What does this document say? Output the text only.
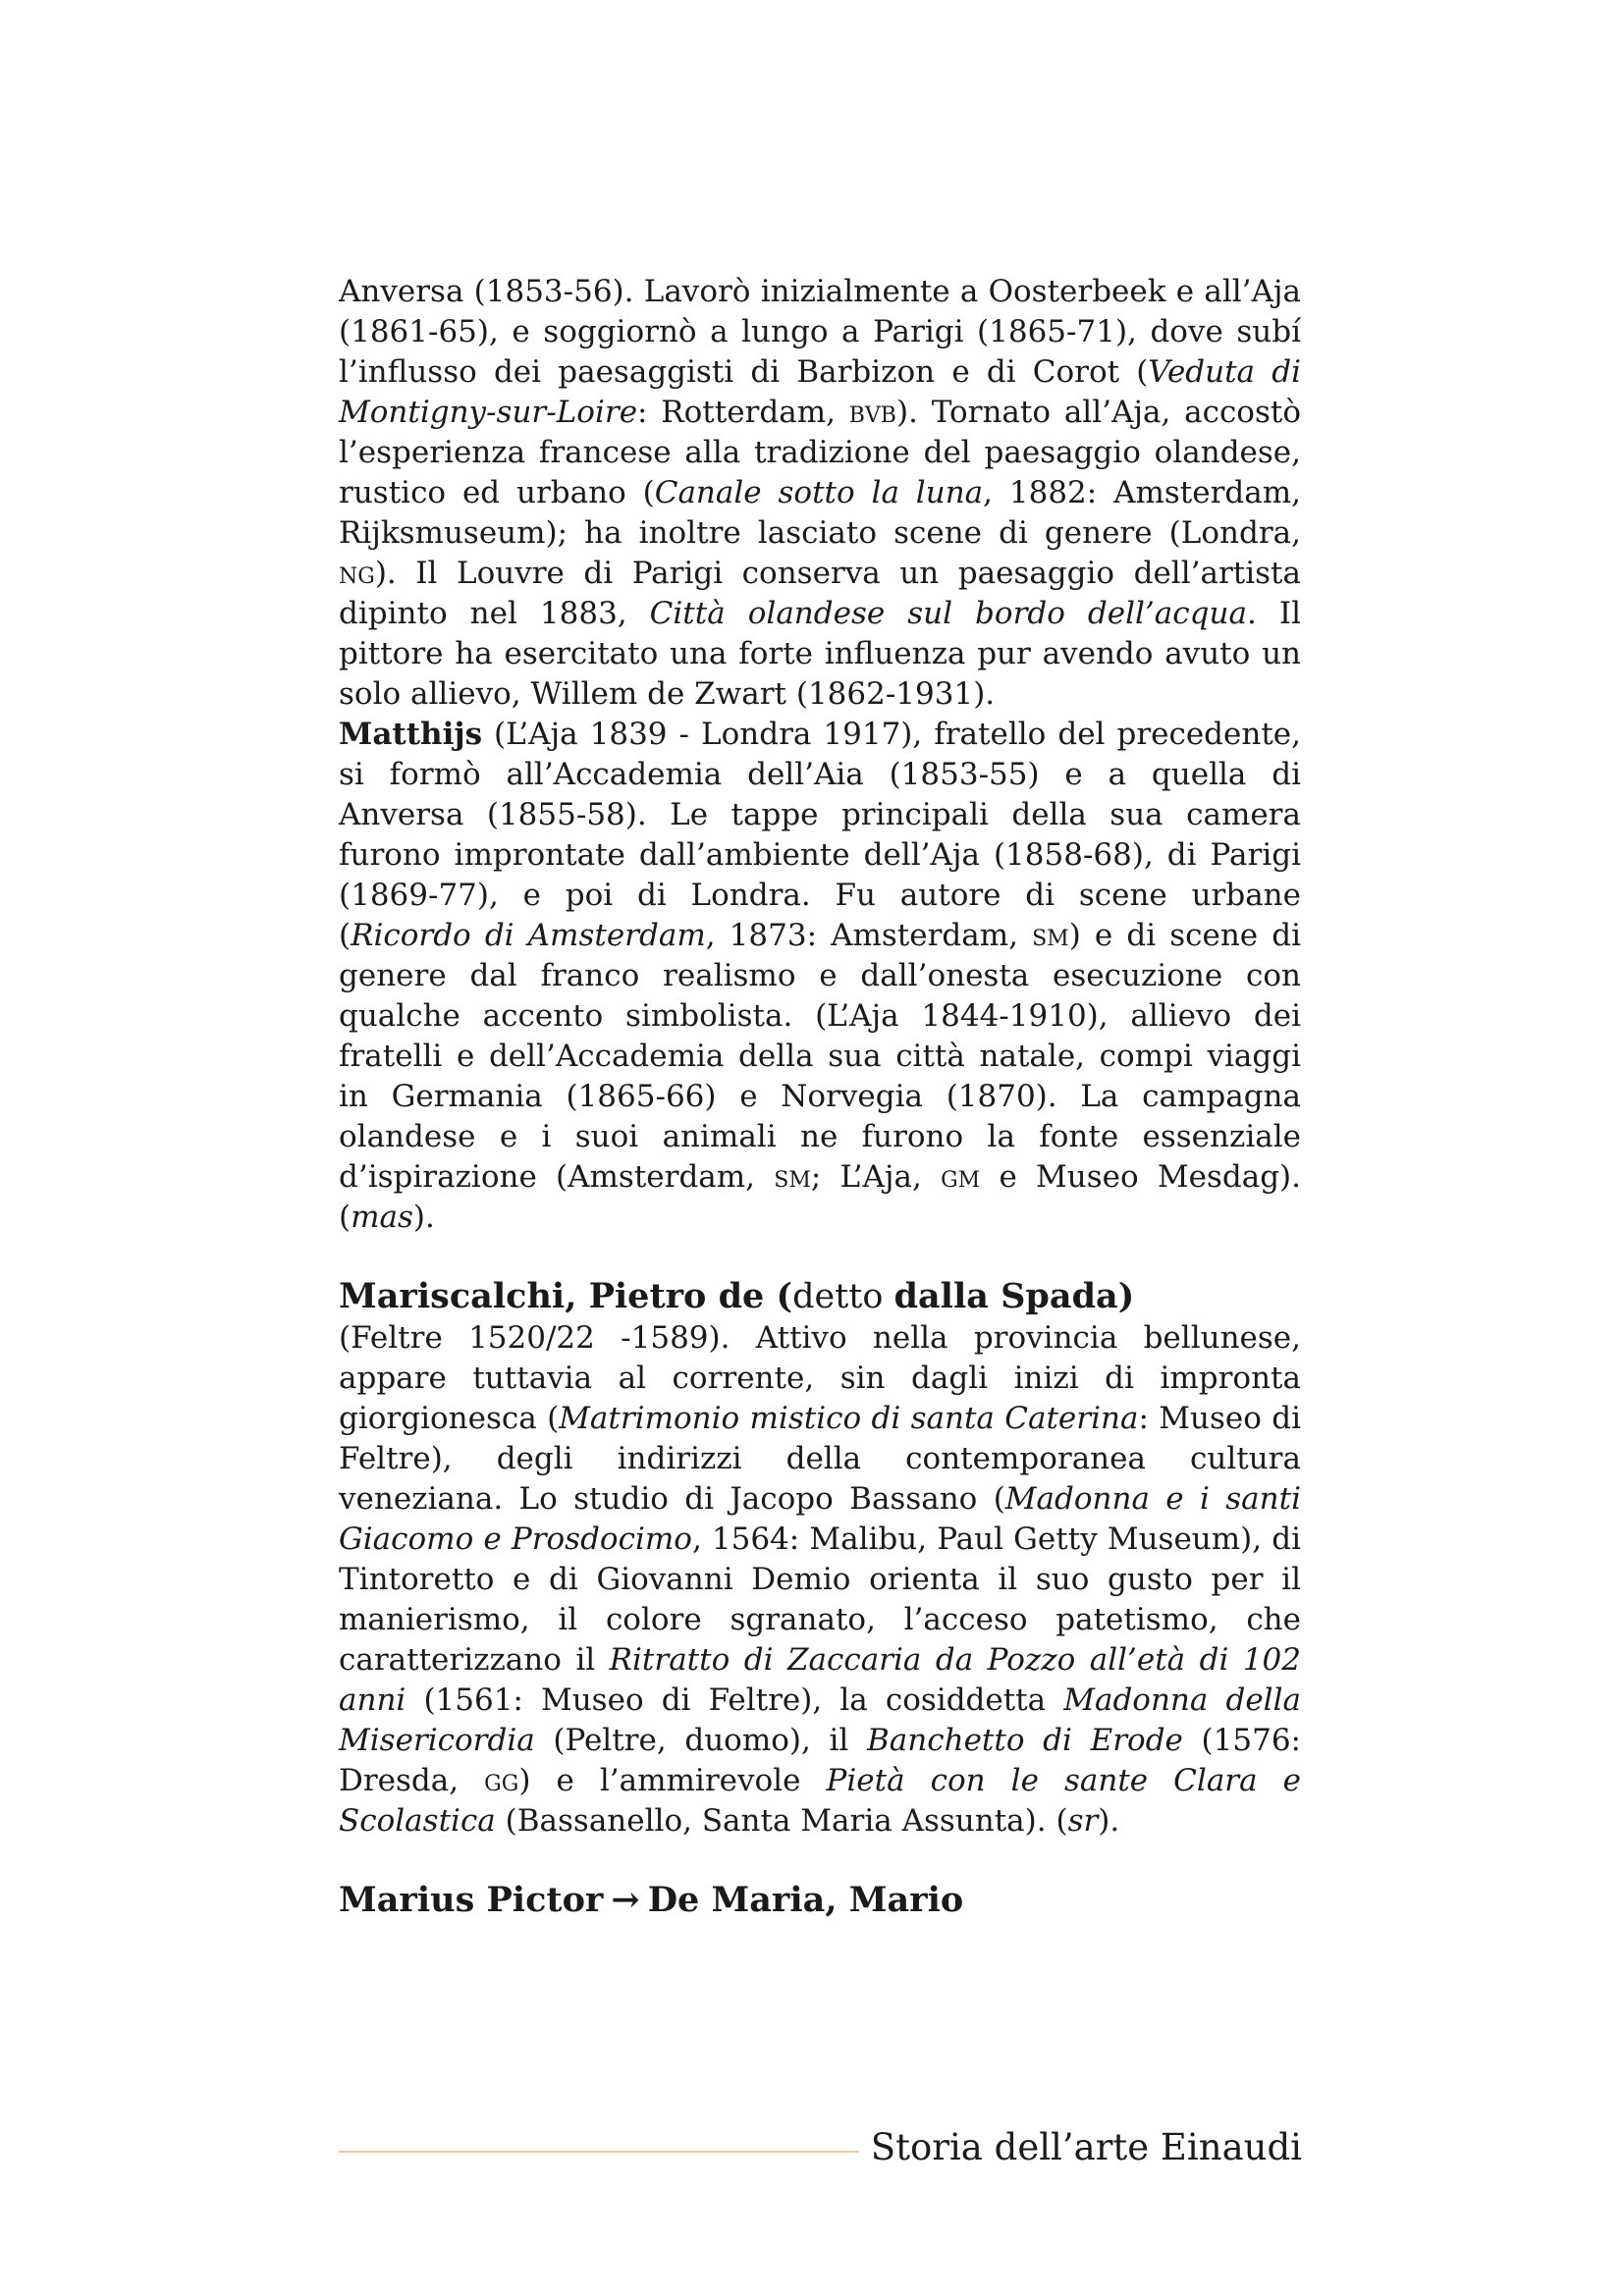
Anversa (1853-56). Lavorò inizialmente a Oosterbeek e all’Aja (1861-65), e soggiornò a lungo a Parigi (1865-71), dove subí l’influsso dei paesaggisti di Barbizon e di Corot (Veduta di Montigny-sur-Loire: Rotterdam, bvb). Tornato all’Aja, accostò l’esperienza francese alla tradizione del paesaggio olandese, rustico ed urbano (Canale sotto la luna, 1882: Amsterdam, Rijksmuseum); ha inoltre lasciato scene di genere (Londra, ng). Il Louvre di Parigi conserva un paesaggio dell’artista dipinto nel 1883, Città olandese sul bordo dell’acqua. Il pittore ha esercitato una forte influenza pur avendo avuto un solo allievo, Willem de Zwart (1862-1931).

Matthijs (L’Aja 1839 - Londra 1917), fratello del precedente, si formò all’Accademia dell’Aia (1853-55) e a quella di Anversa (1855-58). Le tappe principali della sua camera furono improntate dall’ambiente dell’Aja (1858-68), di Parigi (1869-77), e poi di Londra. Fu autore di scene urbane (Ricordo di Amsterdam, 1873: Amsterdam, sm) e di scene di genere dal franco realismo e dall’onesta esecuzione con qualche accento simbolista. (L’Aja 1844-1910), allievo dei fratelli e dell’Accademia della sua città natale, compi viaggi in Germania (1865-66) e Norvegia (1870). La campagna olandese e i suoi animali ne furono la fonte essenziale d’ispirazione (Amsterdam, sm; L’Aja, gm e Museo Mesdag). (mas).

Mariscalchi, Pietro de (detto dalla Spada)

(Feltre 1520/22 -1589). Attivo nella provincia bellunese, appare tuttavia al corrente, sin dagli inizi di impronta giorgionesca (Matrimonio mistico di santa Caterina: Museo di Feltre), degli indirizzi della contemporanea cultura veneziana. Lo studio di Jacopo Bassano (Madonna e i santi Giacomo e Prosdocimo, 1564: Malibu, Paul Getty Museum), di Tintoretto e di Giovanni Demio orienta il suo gusto per il manierismo, il colore sgranato, l’acceso patetismo, che caratterizzano il Ritratto di Zaccaria da Pozzo all’età di 102 anni (1561: Museo di Feltre), la cosiddetta Madonna della Misericordia (Peltre, duomo), il Banchetto di Erode (1576: Dresda, gg) e l’ammirevole Pietà con le sante Clara e Scolastica (Bassanello, Santa Maria Assunta). (sr).

Marius Pictor → De Maria, Mario
Storia dell’arte Einaudi
